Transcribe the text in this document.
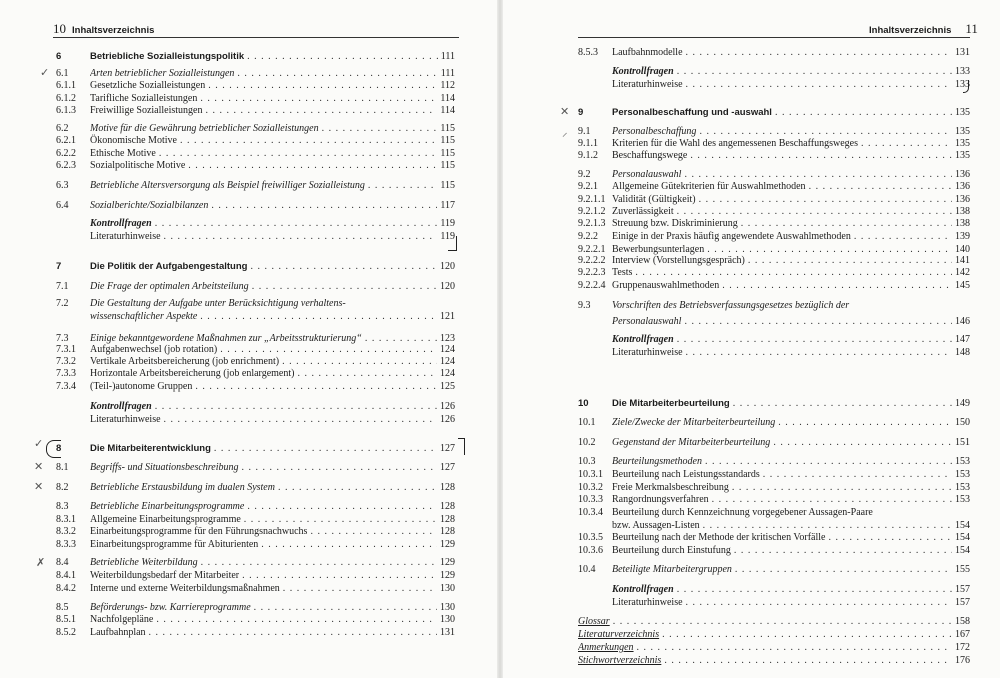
10 Inhaltsverzeichnis
6	Betriebliche Sozialleistungspolitik . . .	111
6.1 Arten betrieblicher Sozialleistungen . . .	111
6.1.1 Gesetzliche Sozialleistungen . . .	112
6.1.2 Tarifliche Sozialleistungen . . .	114
6.1.3 Freiwillige Sozialleistungen . . .	114
6.2 Motive für die Gewährung betrieblicher Sozialleistungen . . .	115
6.2.1 Ökonomische Motive . . .	115
6.2.2 Ethische Motive . . .	115
6.2.3 Sozialpolitische Motive . . .	115
6.3 Betriebliche Altersversorgung als Beispiel freiwilliger Sozialleistung . . .	115
6.4 Sozialberichte/Sozialbilanzen . . .	117
Kontrollfragen . . .	119
Literaturhinweise . . .	119
7	Die Politik der Aufgabengestaltung . . .	120
7.1 Die Frage der optimalen Arbeitsteilung . . .	120
7.2 Die Gestaltung der Aufgabe unter Berücksichtigung verhaltens-
wissenschaftlicher Aspekte . . .	121
7.3 Einige bekanntgewordene Maßnahmen zur „Arbeitsstrukturierung“ . . .	123
7.3.1 Aufgabenwechsel (job rotation) . . .	124
7.3.2 Vertikale Arbeitsbereicherung (job enrichment) . . .	124
7.3.3 Horizontale Arbeitsbereicherung (job enlargement) . . .	124
7.3.4 (Teil-)autonome Gruppen . . .	125
Kontrollfragen . . .	126
Literaturhinweise . . .	126
8	Die Mitarbeiterentwicklung . . .	127
8.1 Begriffs- und Situationsbeschreibung . . .	127
8.2 Betriebliche Erstausbildung im dualen System . . .	128
8.3 Betriebliche Einarbeitungsprogramme . . .	128
8.3.1 Allgemeine Einarbeitungsprogramme . . .	128
8.3.2 Einarbeitungsprogramme für den Führungsnachwuchs . . .	128
8.3.3 Einarbeitungsprogramme für Abiturienten . . .	129
8.4 Betriebliche Weiterbildung . . .	129
8.4.1 Weiterbildungsbedarf der Mitarbeiter . . .	129
8.4.2 Interne und externe Weiterbildungsmaßnahmen . . .	130
8.5 Beförderungs- bzw. Karriereprogramme . . .	130
8.5.1 Nachfolgepläne . . .	130
8.5.2 Laufbahnplan . . .	131
Inhaltsverzeichnis 11
8.5.3 Laufbahnmodelle . . .	131
Kontrollfragen . . .	133
Literaturhinweise . . .	133
9	Personalbeschaffung und -auswahl . . .	135
9.1 Personalbeschaffung . . .	135
9.1.1 Kriterien für die Wahl des angemessenen Beschaffungsweges . . .	135
9.1.2 Beschaffungswege . . .	135
9.2 Personalauswahl . . .	136
9.2.1 Allgemeine Gütekriterien für Auswahlmethoden . . .	136
9.2.1.1 Validität (Gültigkeit) . . .	136
9.2.1.2 Zuverlässigkeit . . .	138
9.2.1.3 Streuung bzw. Diskriminierung . . .	138
9.2.2 Einige in der Praxis häufig angewendete Auswahlmethoden . . .	139
9.2.2.1 Bewerbungsunterlagen . . .	140
9.2.2.2 Interview (Vorstellungsgespräch) . . .	141
9.2.2.3 Tests . . .	142
9.2.2.4 Gruppenauswahlmethoden . . .	145
9.3 Vorschriften des Betriebsverfassungsgesetzes bezüglich der
Personalauswahl . . .	146
Kontrollfragen . . .	147
Literaturhinweise . . .	148
10 Die Mitarbeiterbeurteilung . . .	149
10.1 Ziele/Zwecke der Mitarbeiterbeurteilung . . .	150
10.2 Gegenstand der Mitarbeiterbeurteilung . . .	151
10.3 Beurteilungsmethoden . . .	153
10.3.1 Beurteilung nach Leistungsstandards . . .	153
10.3.2 Freie Merkmalsbeschreibung . . .	153
10.3.3 Rangordnungsverfahren . . .	153
10.3.4 Beurteilung durch Kennzeichnung vorgegebener Aussagen-Paare
bzw. Aussagen-Listen . . .	154
10.3.5 Beurteilung nach der Methode der kritischen Vorfälle . . .	154
10.3.6 Beurteilung durch Einstufung . . .	154
10.4 Beteiligte Mitarbeitergruppen . . .	155
Kontrollfragen . . .	157
Literaturhinweise . . .	157
Glossar . . .	158
Literaturverzeichnis . . .	167
Anmerkungen . . .	172
Stichwortverzeichnis . . .	176
✓
✓
✕
✕
✗
✕
⸝
